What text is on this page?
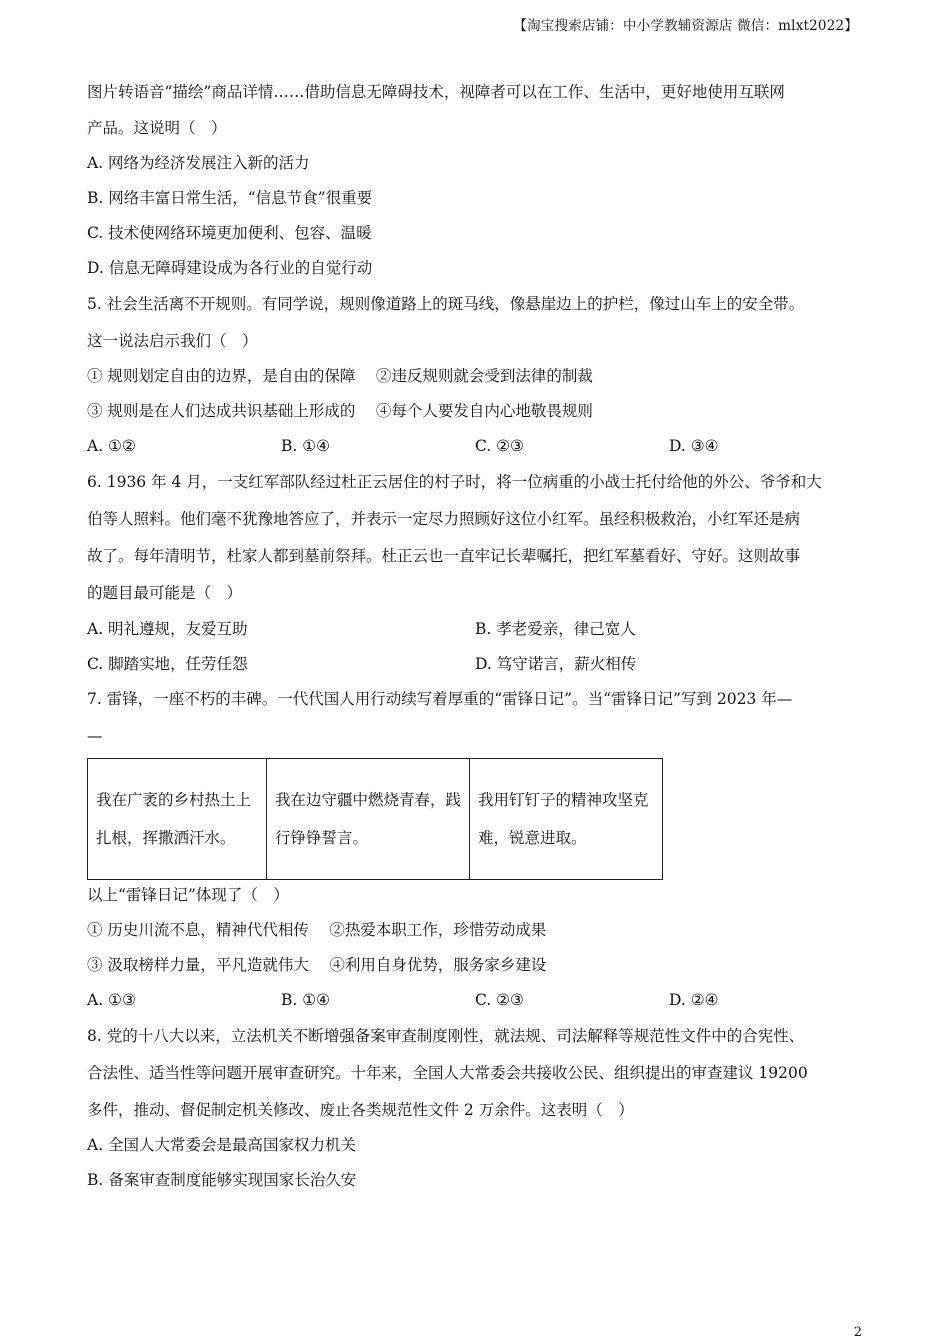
【淘宝搜索店铺：中小学教辅资源店 微信：mlxt2022】
图片转语音“描绘”商品详情……借助信息无障碍技术，视障者可以在工作、生活中，更好地使用互联网
产品。这说明（　）
A. 网络为经济发展注入新的活力
B. 网络丰富日常生活，“信息节食”很重要
C. 技术使网络环境更加便利、包容、温暖
D. 信息无障碍建设成为各行业的自觉行动
5. 社会生活离不开规则。有同学说，规则像道路上的斑马线，像悬崖边上的护栏，像过山车上的安全带。
这一说法启示我们（　）
① 规则划定自由的边界，是自由的保障　 ②违反规则就会受到法律的制裁
③ 规则是在人们达成共识基础上形成的　 ④每个人要发自内心地敬畏规则
A. ①②	B. ①④	C. ②③	D. ③④
6. 1936 年 4 月，一支红军部队经过杜正云居住的村子时，将一位病重的小战士托付给他的外公、爷爷和大
伯等人照料。他们毫不犹豫地答应了，并表示一定尽力照顾好这位小红军。虽经积极救治，小红军还是病
故了。每年清明节，杜家人都到墓前祭拜。杜正云也一直牢记长辈嘱托，把红军墓看好、守好。这则故事
的题目最可能是（　）
A. 明礼遵规，友爱互助	B. 孝老爱亲，律己宽人
C. 脚踏实地，任劳任怨	D. 笃守诺言，薪火相传
7. 雷锋，一座不朽的丰碑。一代代国人用行动续写着厚重的“雷锋日记”。当“雷锋日记”写到 2023 年—
—
我在广袤的乡村热土上扎根，挥撒洒汗水。	我在边守疆中燃烧青春，践行铮铮誓言。	我用钉钉子的精神攻坚克难，锐意进取。
以上“雷锋日记”体现了（　）
① 历史川流不息，精神代代相传　 ②热爱本职工作，珍惜劳动成果
③ 汲取榜样力量，平凡造就伟大　 ④利用自身优势，服务家乡建设
A. ①③	B. ①④	C. ②③	D. ②④
8. 党的十八大以来，立法机关不断增强备案审查制度刚性，就法规、司法解释等规范性文件中的合宪性、
合法性、适当性等问题开展审查研究。十年来，全国人大常委会共接收公民、组织提出的审查建议 19200
多件，推动、督促制定机关修改、废止各类规范性文件 2 万余件。这表明（　）
A. 全国人大常委会是最高国家权力机关
B. 备案审查制度能够实现国家长治久安
2
